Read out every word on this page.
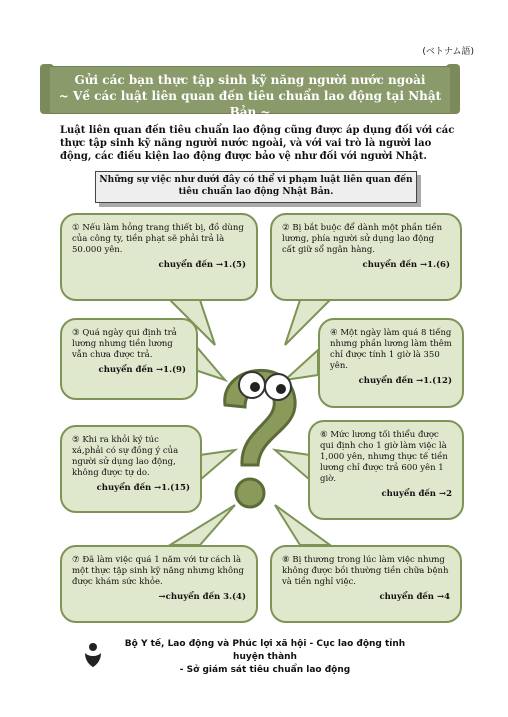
(ベトナム語)
Gửi các bạn thực tập sinh kỹ năng người nước ngoài
~ Về các luật liên quan đến tiêu chuẩn lao động tại Nhật Bản ~
Luật liên quan đến tiêu chuẩn lao động cũng được áp dụng đối với các thực tập sinh kỹ năng người nước ngoài, và với vai trò là người lao động, các điều kiện lao động được bảo vệ như đối với người Nhật.
Những sự việc như dưới đây có thể vi phạm luật liên quan đến
tiêu chuẩn lao động Nhật Bản.
① Nếu làm hỏng trang thiết bị, đồ dùng của công ty, tiền phạt sẽ phải trả là 50.000 yên.
chuyển đến →1.(5)
② Bị bắt buộc để dành một phần tiền lương, phía người sử dụng lao động cất giữ sổ ngân hàng.
chuyển đến →1.(6)
③ Quá ngày qui định trả lương nhưng tiền lương vẫn chưa được trả.
chuyển đến →1.(9)
④ Một ngày làm quá 8 tiếng nhưng phần lương làm thêm chỉ được tính 1 giờ là 350 yên.
chuyển đến →1.(12)
⑤ Khi ra khỏi ký túc xá,phải có sự đồng ý của người sử dụng lao động, không được tự do.
chuyển đến →1.(15)
⑥ Mức lương tối thiểu được qui định cho 1 giờ làm việc là 1,000 yên, nhưng thực tế tiền lương chỉ được trả 600 yên 1 giờ.
chuyển đến →2
⑦ Đã làm việc quá 1 năm với tư cách là một thực tập sinh kỹ năng nhưng không được khám sức khỏe.
→chuyển đến 3.(4)
⑧ Bị thương trong lúc làm việc nhưng không được bồi thường tiền chữa bệnh và tiền nghỉ việc.
chuyển đến →4
Bộ Y tế, Lao động và Phúc lợi xã hội - Cục lao động tỉnh huyện thành
- Sở giám sát tiêu chuẩn lao động
